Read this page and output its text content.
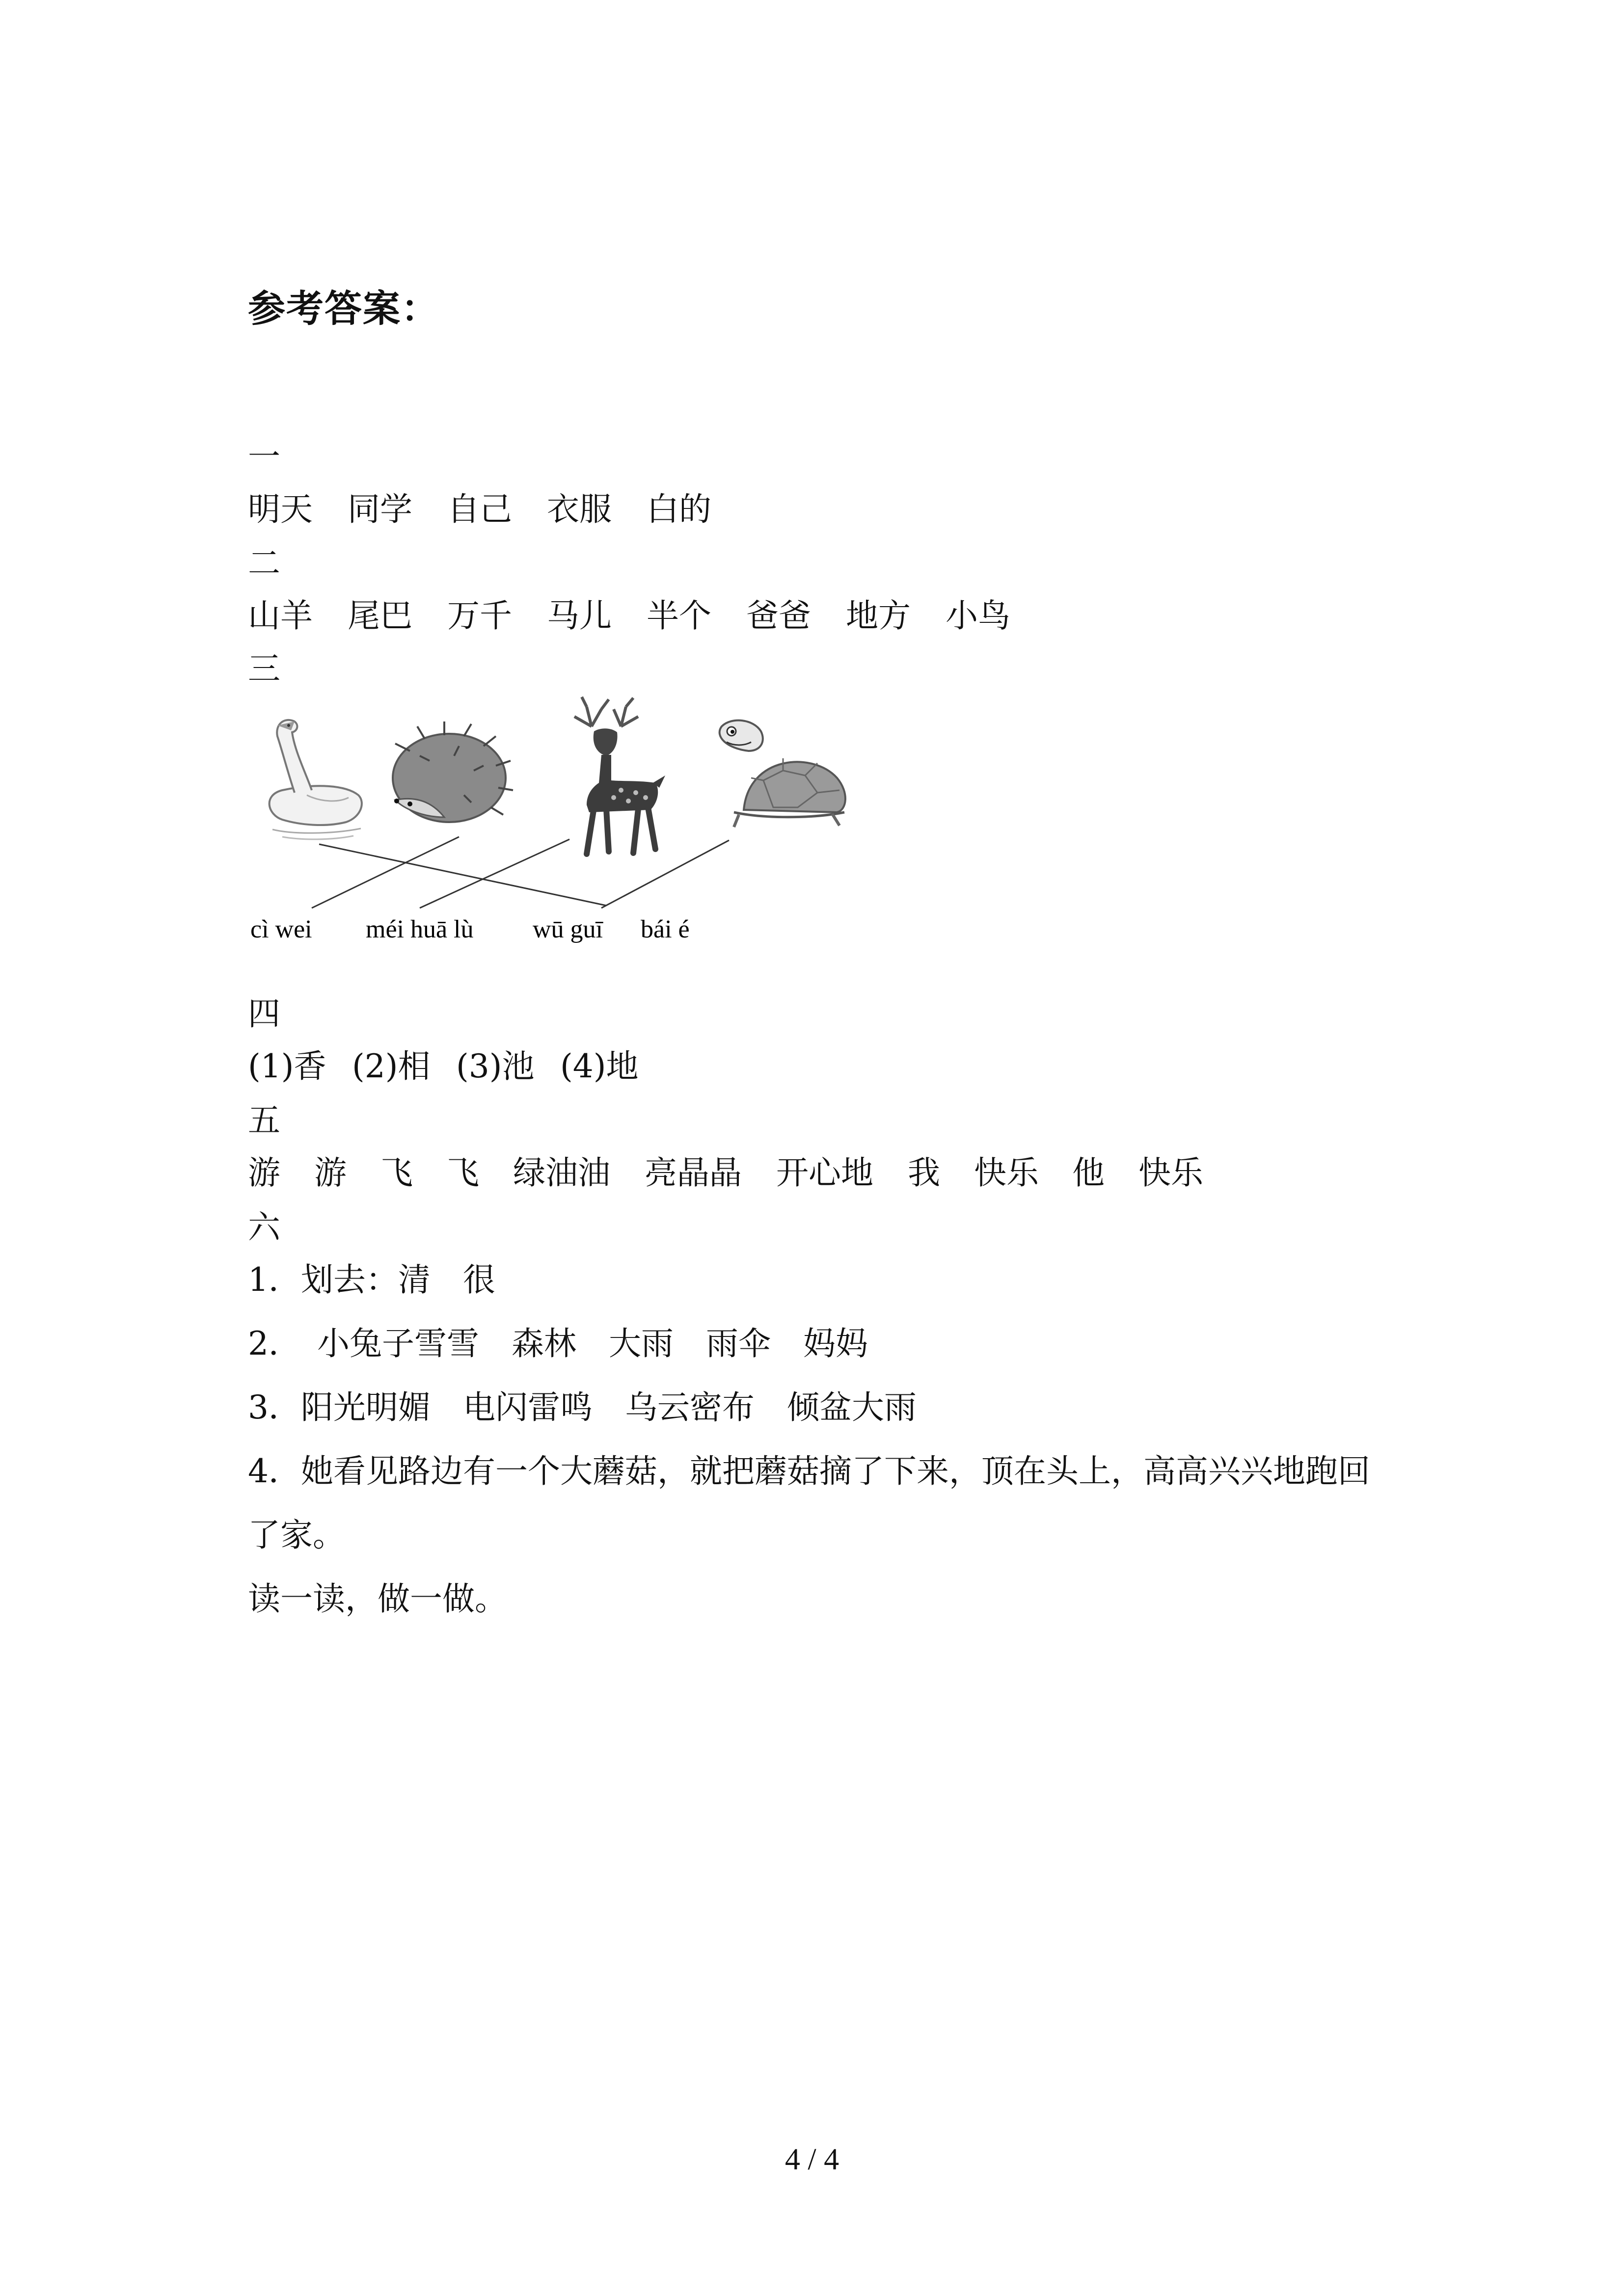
参考答案：
一
明天	同学	自己	衣服	白的
二
山羊	尾巴	万千	马儿	半个	爸爸	地方	小鸟
三
cì wei méi huā lù wū guī bái é
四
(1)香 (2)相 (3)池 (4)地
五
游	游	飞	飞	绿油油	亮晶晶	开心地	我	快乐	他	快乐
六
1．划去：清　很
2．　小兔子雪雪　森林　大雨　雨伞　妈妈
3．阳光明媚　电闪雷鸣　乌云密布　倾盆大雨
4．她看见路边有一个大蘑菇，就把蘑菇摘了下来，顶在头上，高高兴兴地跑回
了家。
读一读，做一做。
4 / 4
